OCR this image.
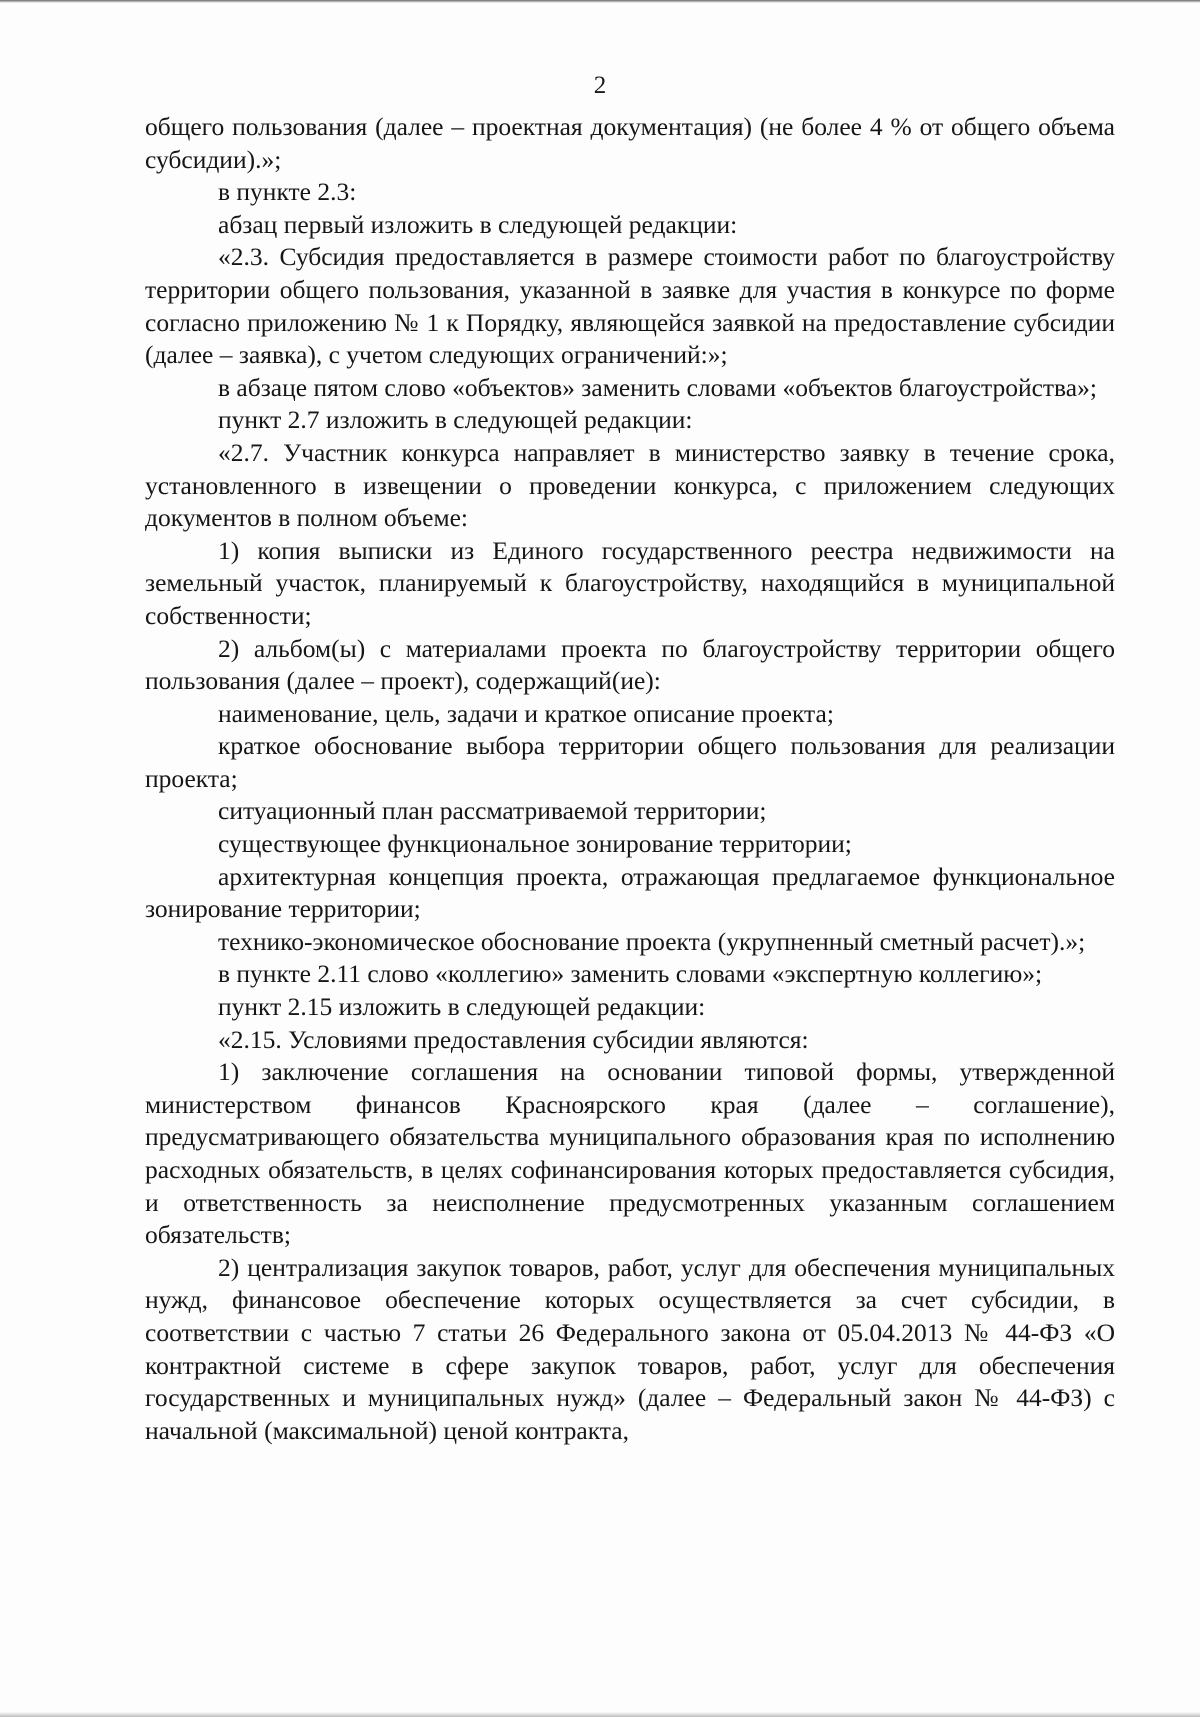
2

общего пользования (далее – проектная документация) (не более 4 % от общего объема субсидии).»;

в пункте 2.3:

абзац первый изложить в следующей редакции:

«2.3. Субсидия предоставляется в размере стоимости работ по благоустройству территории общего пользования, указанной в заявке для участия в конкурсе по форме согласно приложению № 1 к Порядку, являющейся заявкой на предоставление субсидии (далее – заявка), с учетом следующих ограничений:»;

в абзаце пятом слово «объектов» заменить словами «объектов благоустройства»;

пункт 2.7 изложить в следующей редакции:

«2.7. Участник конкурса направляет в министерство заявку в течение срока, установленного в извещении о проведении конкурса, с приложением следующих документов в полном объеме:

1) копия выписки из Единого государственного реестра недвижимости на земельный участок, планируемый к благоустройству, находящийся в муниципальной собственности;

2) альбом(ы) с материалами проекта по благоустройству территории общего пользования (далее – проект), содержащий(ие):

наименование, цель, задачи и краткое описание проекта;

краткое обоснование выбора территории общего пользования для реализации проекта;

ситуационный план рассматриваемой территории;

существующее функциональное зонирование территории;

архитектурная концепция проекта, отражающая предлагаемое функциональное зонирование территории;

технико-экономическое обоснование проекта (укрупненный сметный расчет).»;

в пункте 2.11 слово «коллегию» заменить словами «экспертную коллегию»;

пункт 2.15 изложить в следующей редакции:

«2.15. Условиями предоставления субсидии являются:

1) заключение соглашения на основании типовой формы, утвержденной министерством финансов Красноярского края (далее – соглашение), предусматривающего обязательства муниципального образования края по исполнению расходных обязательств, в целях софинансирования которых предоставляется субсидия, и ответственность за неисполнение предусмотренных указанным соглашением обязательств;

2) централизация закупок товаров, работ, услуг для обеспечения муниципальных нужд, финансовое обеспечение которых осуществляется за счет субсидии, в соответствии с частью 7 статьи 26 Федерального закона от 05.04.2013 № 44-ФЗ «О контрактной системе в сфере закупок товаров, работ, услуг для обеспечения государственных и муниципальных нужд» (далее – Федеральный закон № 44-ФЗ) с начальной (максимальной) ценой контракта,
